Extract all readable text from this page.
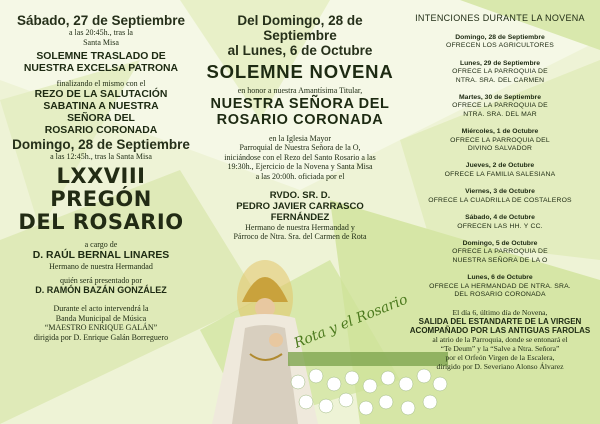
Rota y el Rosario
Sábado, 27 de Septiembre
a las 20:45h., tras la
Santa Misa
SOLEMNE TRASLADO DE
NUESTRA EXCELSA PATRONA
finalizando el mismo con el
REZO DE LA SALUTACIÓN
SABATINA A NUESTRA
SEÑORA DEL
ROSARIO CORONADA
Domingo, 28 de Septiembre
a las 12:45h., tras la Santa Misa
LXXVIII PREGÓN
DEL ROSARIO
a cargo de
D. RAÚL BERNAL LINARES
Hermano de nuestra Hermandad
quién será presentado por
D. RAMÓN BAZÁN GONZÁLEZ
Durante el acto intervendrá la
Banda Municipal de Música
“MAESTRO ENRIQUE GALÁN”
dirigida por D. Enrique Galán Borreguero
Del Domingo, 28 de Septiembre
al Lunes, 6 de Octubre
SOLEMNE NOVENA
en honor a nuestra Amantísima Titular,
NUESTRA SEÑORA DEL
ROSARIO CORONADA
en la Iglesia Mayor
Parroquial de Nuestra Señora de la O,
iniciándose con el Rezo del Santo Rosario a las
19:30h., Ejercicio de la Novena y Santa Misa
a las 20:00h. oficiada por el
RVDO. SR. D.
PEDRO JAVIER CARRASCO FERNÁNDEZ
Hermano de nuestra Hermandad y
Párroco de Ntra. Sra. del Carmen de Rota
INTENCIONES DURANTE LA NOVENA
Domingo, 28 de Septiembre
OFRECEN LOS AGRICULTORES
Lunes, 29 de Septiembre
OFRECE LA PARROQUIA DE
NTRA. SRA. DEL CARMEN
Martes, 30 de Septiembre
OFRECE LA PARROQUIA DE
NTRA. SRA. DEL MAR
Miércoles, 1 de Octubre
OFRECE LA PARROQUIA DEL
DIVINO SALVADOR
Jueves, 2 de Octubre
OFRECE LA FAMILIA SALESIANA
Viernes, 3 de Octubre
OFRECE LA CUADRILLA DE COSTALEROS
Sábado, 4 de Octubre
OFRECEN LAS HH. Y CC.
Domingo, 5 de Octubre
OFRECE LA PARROQUIA DE
NUESTRA SEÑORA DE LA O
Lunes, 6 de Octubre
OFRECE LA HERMANDAD DE NTRA. SRA.
DEL ROSARIO CORONADA
El día 6, último día de Novena,
SALIDA DEL ESTANDARTE DE LA VIRGEN
ACOMPAÑADO POR LAS ANTIGUAS FAROLAS
al atrio de la Parroquia, donde se entonará el
“Te Deum” y la “Salve a Ntra. Señora”
por el Orfeón Virgen de la Escalera,
dirigido por D. Severiano Alonso Álvarez
